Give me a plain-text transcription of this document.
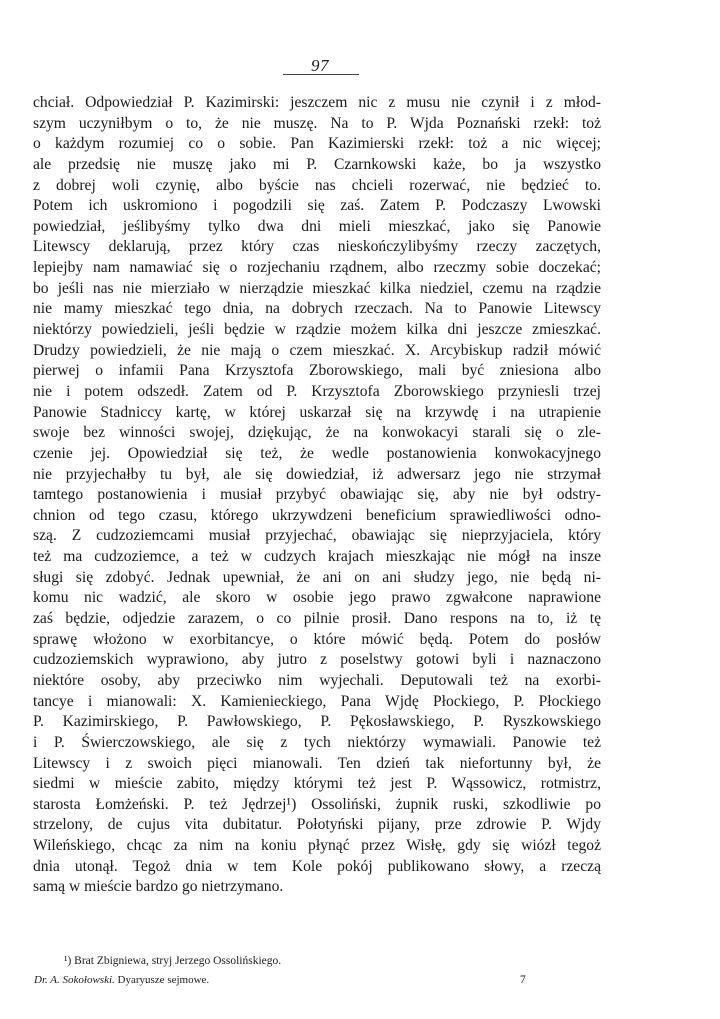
97
chciał. Odpowiedział P. Kazimirski: jeszczem nic z musu nie czynił i z młod-
szym uczyniłbym o to, że nie muszę. Na to P. Wjda Poznański rzekł: toż
o każdym rozumiej co o sobie. Pan Kazimierski rzekł: toż a nic więcej;
ale przedsię nie muszę jako mi P. Czarnkowski każe, bo ja wszystko
z dobrej woli czynię, albo byście nas chcieli rozerwać, nie będzieć to.
Potem ich uskromiono i pogodzili się zaś. Zatem P. Podczaszy Lwowski
powiedział, jeślibyśmy tylko dwa dni mieli mieszkać, jako się Panowie
Litewscy deklarują, przez który czas nieskończylibyśmy rzeczy zaczętych,
lepiejby nam namawiać się o rozjechaniu rządnem, albo rzeczmy sobie doczekać;
bo jeśli nas nie mierziało w nierządzie mieszkać kilka niedziel, czemu na rządzie
nie mamy mieszkać tego dnia, na dobrych rzeczach. Na to Panowie Litewscy
niektórzy powiedzieli, jeśli będzie w rządzie możem kilka dni jeszcze zmieszkać.
Drudzy powiedzieli, że nie mają o czem mieszkać. X. Arcybiskup radził mówić
pierwej o infamii Pana Krzysztofa Zborowskiego, mali być zniesiona albo
nie i potem odszedł. Zatem od P. Krzysztofa Zborowskiego przyniesli trzej
Panowie Stadniccy kartę, w której uskarzał się na krzywdę i na utrapienie
swoje bez winności swojej, dziękując, że na konwokacyi starali się o zle-
czenie jej. Opowiedział się też, że wedle postanowienia konwokacyjnego
nie przyjechałby tu był, ale się dowiedział, iż adwersarz jego nie strzymał
tamtego postanowienia i musiał przybyć obawiając się, aby nie był odstry-
chnion od tego czasu, którego ukrzywdzeni beneficium sprawiedliwości odno-
szą. Z cudzoziemcami musiał przyjechać, obawiając się nieprzyjaciela, który
też ma cudzoziemce, a też w cudzych krajach mieszkając nie mógł na insze
sługi się zdobyć. Jednak upewniał, że ani on ani słudzy jego, nie będą ni-
komu nic wadzić, ale skoro w osobie jego prawo zgwałcone naprawione
zaś będzie, odjedzie zarazem, o co pilnie prosił. Dano respons na to, iż tę
sprawę włożono w exorbitancye, o które mówić będą. Potem do posłów
cudzoziemskich wyprawiono, aby jutro z poselstwy gotowi byli i naznaczono
niektóre osoby, aby przeciwko nim wyjechali. Deputowali też na exorbi-
tancye i mianowali: X. Kamienieckiego, Pana Wjdę Płockiego, P. Płockiego
P. Kazimirskiego, P. Pawłowskiego, P. Pękosławskiego, P. Ryszkowskiego
i P. Świerczowskiego, ale się z tych niektórzy wymawiali. Panowie też
Litewscy i z swoich pięci mianowali. Ten dzień tak niefortunny był, że
siedmi w mieście zabito, między którymi też jest P. Wąssowicz, rotmistrz,
starosta Łomżeński. P. też Jędrzej¹) Ossoliński, żupnik ruski, szkodliwie po
strzelony, de cujus vita dubitatur. Połotyński pijany, prze zdrowie P. Wjdy
Wileńskiego, chcąc za nim na koniu płynąć przez Wisłę, gdy się wiózł tegoż
dnia utonął. Tegoż dnia w tem Kole pokój publikowano słowy, a rzeczą
samą w mieście bardzo go nietrzymano.
¹) Brat Zbigniewa, stryj Jerzego Ossolińskiego.
Dr. A. Sokołowski. Dyaryusze sejmowe.	7
